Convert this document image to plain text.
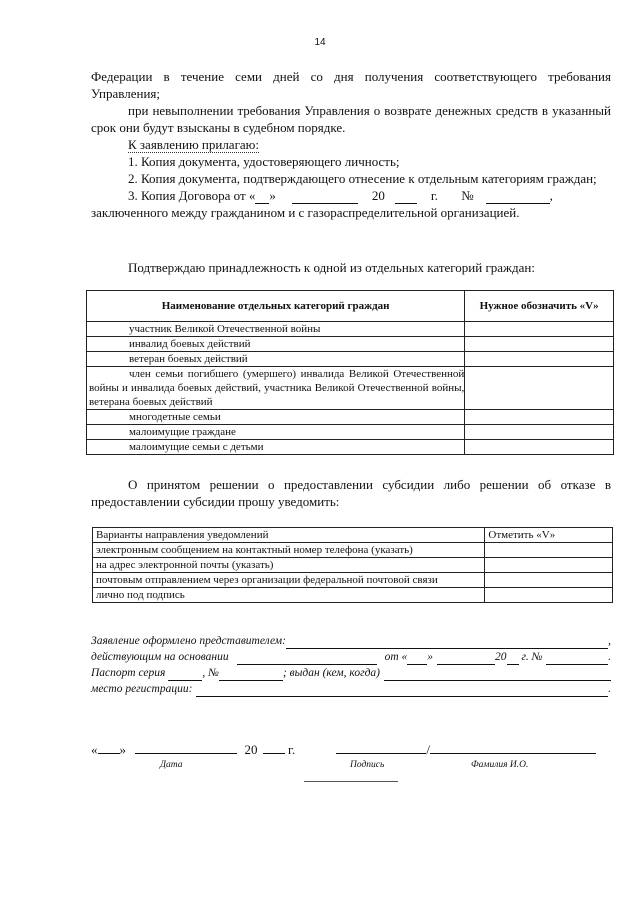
14

Федерации в течение семи дней со дня получения соответствующего требования Управления;

при невыполнении требования Управления о возврате денежных средств в указанный срок они будут взысканы в судебном порядке.

К заявлению прилагаю:

1. Копия документа, удостоверяющего личность;

2. Копия документа, подтверждающего отнесение к отдельным категориям граждан;

3. Копия Договора от « »	20	г. №	,

заключенного между гражданином и с газораспределительной организацией.

Подтверждаю принадлежность к одной из отдельных категорий граждан:

Наименование отдельных категорий граждан	Нужное обозначить «V»
участник Великой Отечественной войны	
инвалид боевых действий	
ветеран боевых действий	
член семьи погибшего (умершего) инвалида Великой Отечественной войны и инвалида боевых действий, участника Великой Отечественной войны, ветерана боевых действий	
многодетные семьи	
малоимущие граждане	
малоимущие семьи с детьми	

О принятом решении о предоставлении субсидии либо решении об отказе в предоставлении субсидии прошу уведомить:

Варианты направления уведомлений	Отметить «V»
электронным сообщением на контактный номер телефона (указать)	
на адрес электронной почты (указать)	
почтовым отправлением через организации федеральной почтовой связи	
лично под подпись	
Заявление оформлено представителем:	,
действующим на основании	от « »	20 г. №	.
Паспорт серия	, №	; выдан (кем, когда)
место регистрации:	.
« »	20 г.	/
Дата	Подпись	Фамилия И.О.
